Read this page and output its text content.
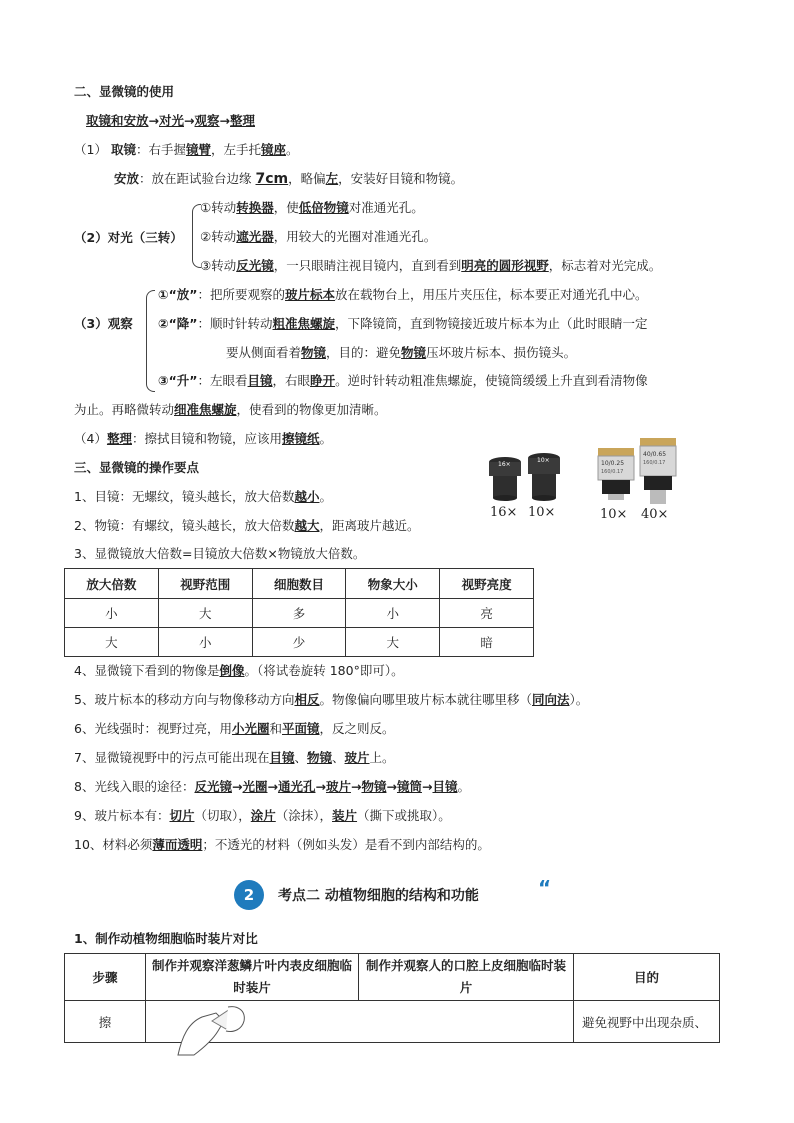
二、显微镜的使用
取镜和安放→对光→观察→整理
（1） 取镜：右手握镜臂，左手托镜座。
安放：放在距试验台边缘 7cm，略偏左，安装好目镜和物镜。
（2）对光（三转）
①转动转换器，使低倍物镜对准通光孔。
②转动遮光器，用较大的光圈对准通光孔。
③转动反光镜，一只眼睛注视目镜内，直到看到明亮的圆形视野，标志着对光完成。
（3）观察
①“放”：把所要观察的玻片标本放在载物台上，用压片夹压住，标本要正对通光孔中心。
②“降”：顺时针转动粗准焦螺旋，下降镜筒，直到物镜接近玻片标本为止（此时眼睛一定
要从侧面看着物镜，目的：避免物镜压坏玻片标本、损伤镜头。
③“升”：左眼看目镜，右眼睁开。逆时针转动粗准焦螺旋，使镜筒缓缓上升直到看清物像
为止。再略微转动细准焦螺旋，使看到的物像更加清晰。
（4）整理：擦拭目镜和物镜，应该用擦镜纸。
三、显微镜的操作要点	16×
10×	10/0.25
160/0.17
40/0.65
160/0.17
16× 10×	10× 40×
1、目镜：无螺纹，镜头越长，放大倍数越小。
2、物镜：有螺纹，镜头越长，放大倍数越大，距离玻片越近。
3、显微镜放大倍数=目镜放大倍数×物镜放大倍数。
放大倍数	视野范围	细胞数目	物象大小	视野亮度
小	大	多	小	亮
大	小	少	大	暗
4、显微镜下看到的物像是倒像。（将试卷旋转 180°即可）。
5、玻片标本的移动方向与物像移动方向相反。物像偏向哪里玻片标本就往哪里移（同向法）。
6、光线强时：视野过亮，用小光圈和平面镜，反之则反。
7、显微镜视野中的污点可能出现在目镜、物镜、玻片上。
8、光线入眼的途径：反光镜→光圈→通光孔→玻片→物镜→镜筒→目镜。
9、玻片标本有：切片（切取），涂片（涂抹），装片（撕下或挑取）。
10、材料必须薄而透明；不透光的材料（例如头发）是看不到内部结构的。
2	考点二 动植物细胞的结构和功能	“
1、制作动植物细胞临时装片对比
步骤	制作并观察洋葱鳞片叶内表皮细胞临时装片	制作并观察人的口腔上皮细胞临时装片	目的
擦			避免视野中出现杂质、
